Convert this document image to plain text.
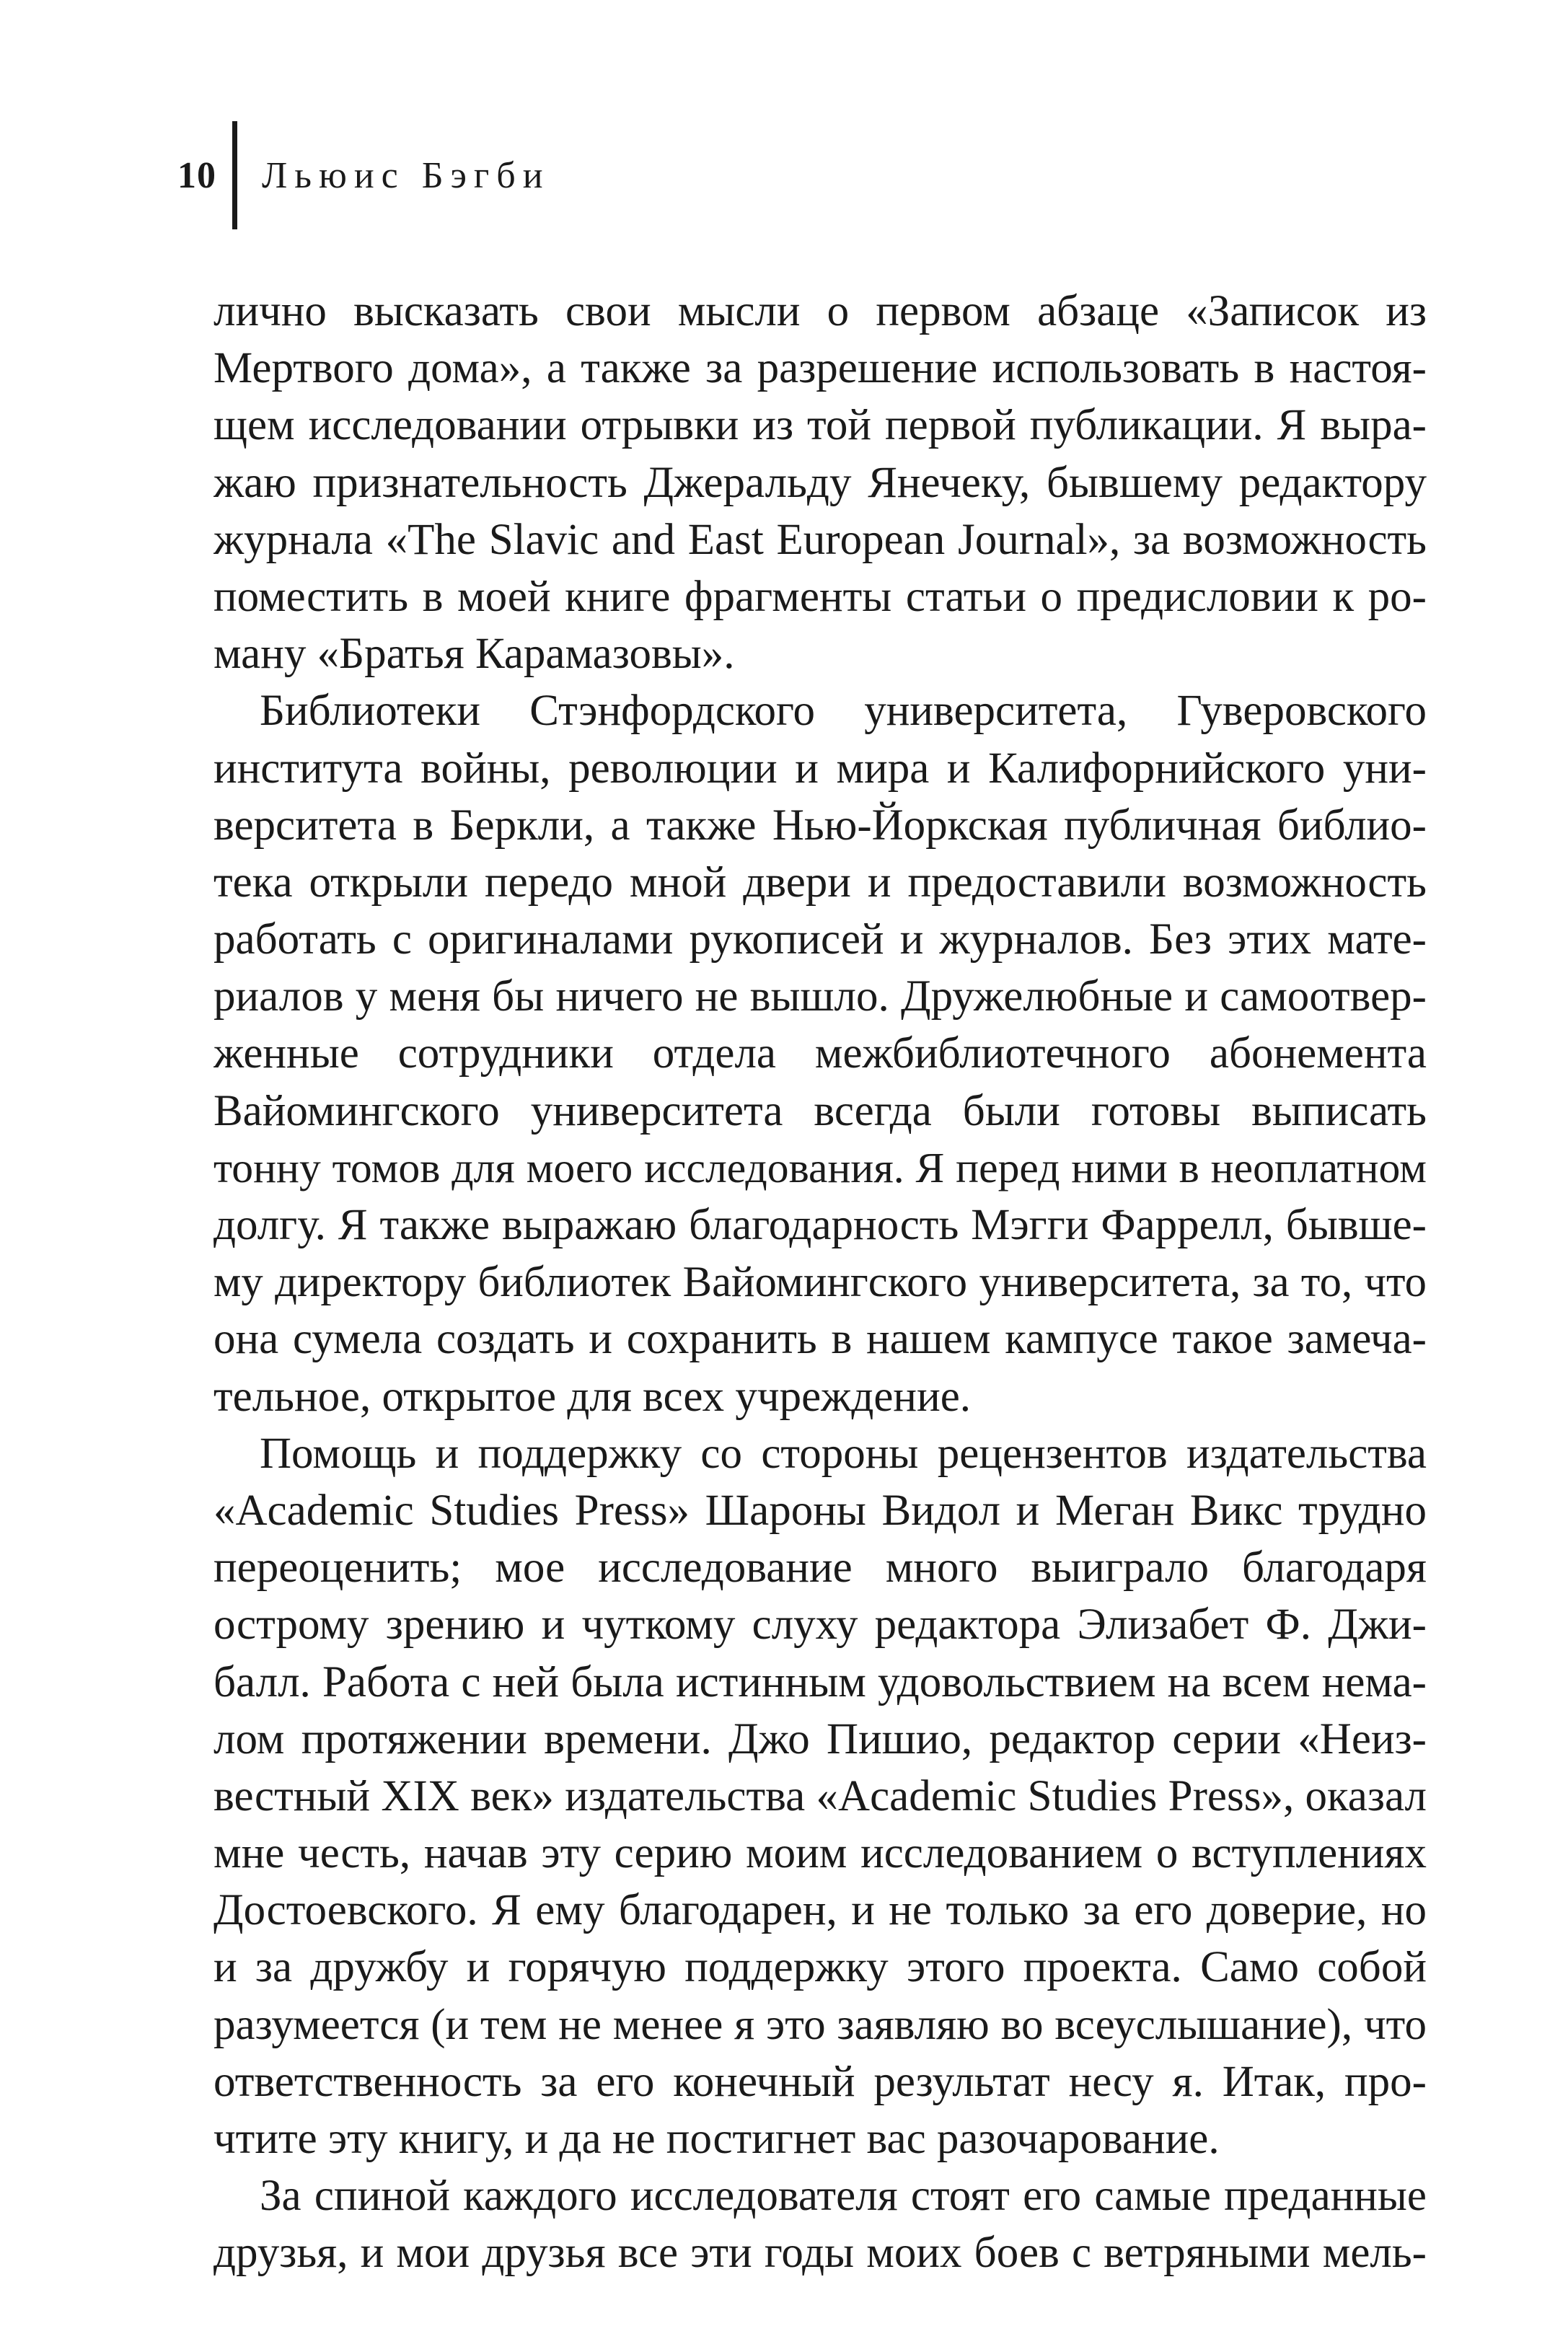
10	Льюис Бэгби
лично высказать свои мысли о первом абзаце «Записок из
Мертвого дома», а также за разрешение использовать в настоя-
щем исследовании отрывки из той первой публикации. Я выра-
жаю признательность Джеральду Янечеку, бывшему редактору
журнала «The Slavic and East European Journal», за возможность
поместить в моей книге фрагменты статьи о предисловии к ро-
ману «Братья Карамазовы».
Библиотеки Стэнфордского университета, Гуверовского
института войны, революции и мира и Калифорнийского уни-
верситета в Беркли, а также Нью-Йоркская публичная библио-
тека открыли передо мной двери и предоставили возможность
работать с оригиналами рукописей и журналов. Без этих мате-
риалов у меня бы ничего не вышло. Дружелюбные и самоотвер-
женные сотрудники отдела межбиблиотечного абонемента
Вайомингского университета всегда были готовы выписать
тонну томов для моего исследования. Я перед ними в неоплатном
долгу. Я также выражаю благодарность Мэгги Фаррелл, бывше-
му директору библиотек Вайомингского университета, за то, что
она сумела создать и сохранить в нашем кампусе такое замеча-
тельное, открытое для всех учреждение.
Помощь и поддержку со стороны рецензентов издательства
«Academic Studies Press» Шароны Видол и Меган Викс трудно
переоценить; мое исследование много выиграло благодаря
острому зрению и чуткому слуху редактора Элизабет Ф. Джи-
балл. Работа с ней была истинным удовольствием на всем нема-
лом протяжении времени. Джо Пишио, редактор серии «Неиз-
вестный XIX век» издательства «Academic Studies Press», оказал
мне честь, начав эту серию моим исследованием о вступлениях
Достоевского. Я ему благодарен, и не только за его доверие, но
и за дружбу и горячую поддержку этого проекта. Само собой
разумеется (и тем не менее я это заявляю во всеуслышание), что
ответственность за его конечный результат несу я. Итак, про-
чтите эту книгу, и да не постигнет вас разочарование.
За спиной каждого исследователя стоят его самые преданные
друзья, и мои друзья все эти годы моих боев с ветряными мель-
